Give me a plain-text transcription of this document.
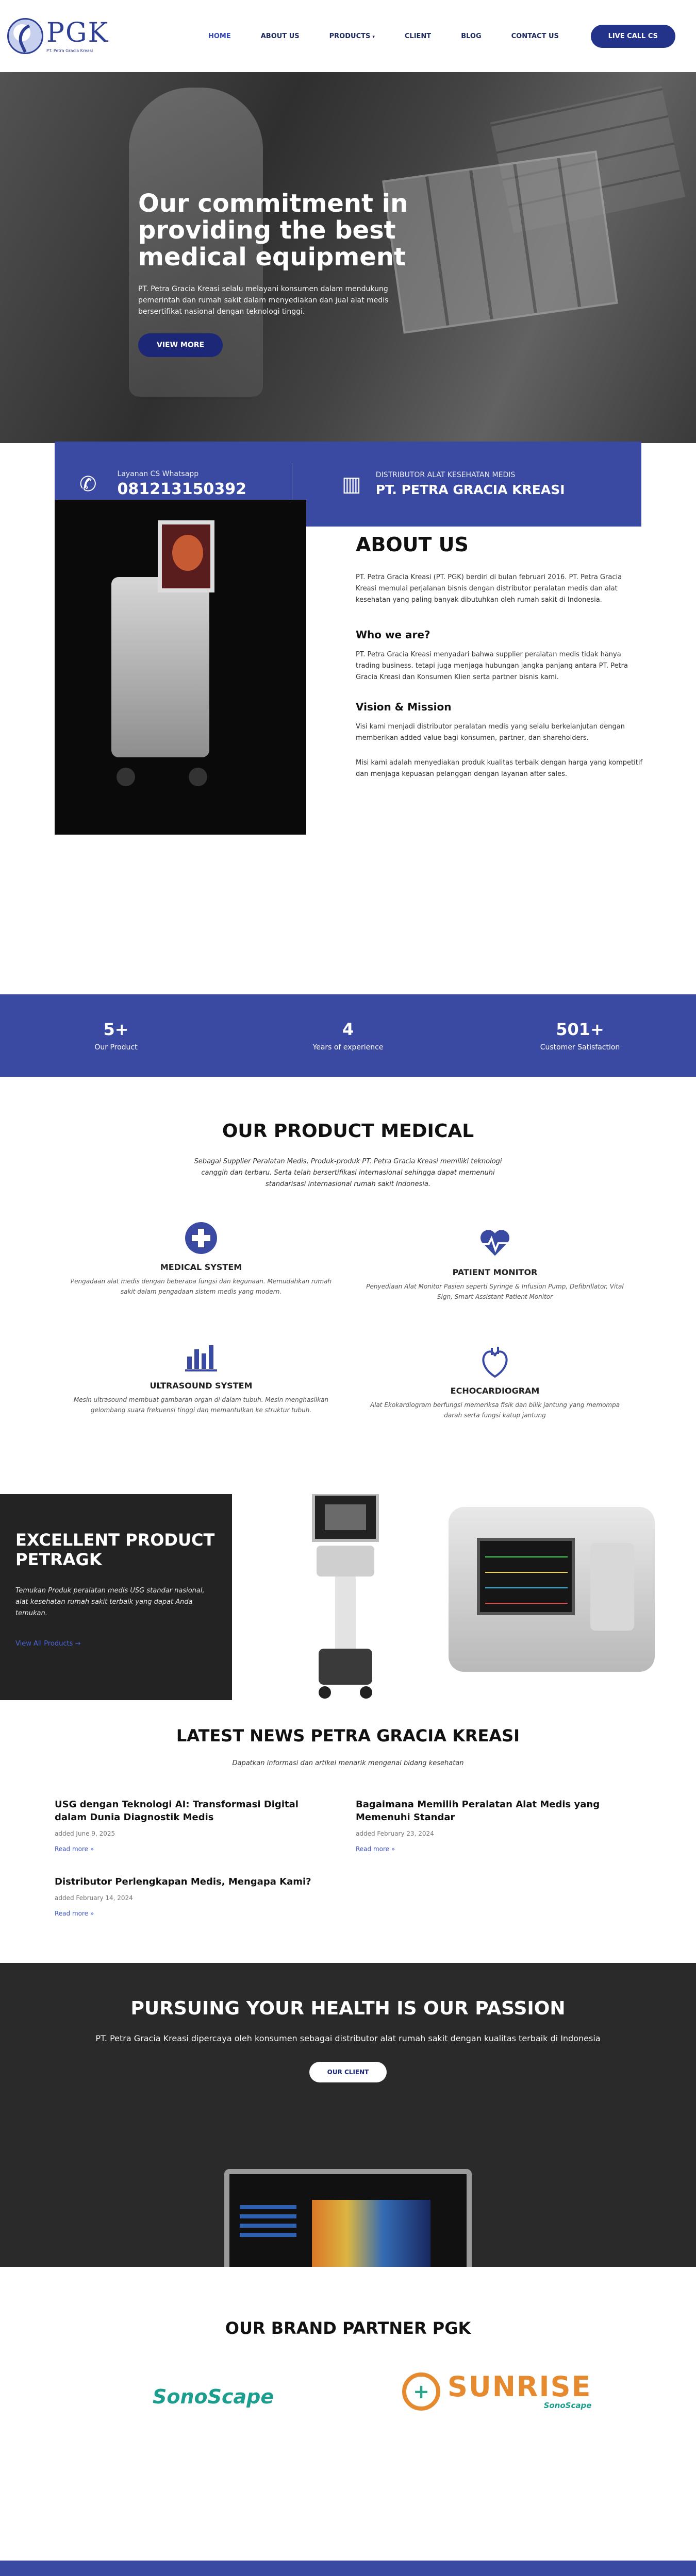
PGK
PT. Petra Gracia Kreasi
HOME	ABOUT US	PRODUCTS ▾	CLIENT	BLOG	CONTACT US	LIVE CALL CS
Our commitment in providing the best medical equipment

PT. Petra Gracia Kreasi selalu melayani konsumen dalam mendukung pemerintah dan rumah sakit dalam menyediakan dan jual alat medis bersertifikat nasional dengan teknologi tinggi.

VIEW MORE
✆	Layanan CS Whatsapp
081213150392	▥ DISTRIBUTOR ALAT KESEHATAN MEDIS
PT. PETRA GRACIA KREASI
ABOUT US

PT. Petra Gracia Kreasi (PT. PGK) berdiri di bulan februari 2016. PT. Petra Gracia Kreasi memulai perjalanan bisnis dengan distributor peralatan medis dan alat kesehatan yang paling banyak dibutuhkan oleh rumah sakit di Indonesia.

Who we are?

PT. Petra Gracia Kreasi menyadari bahwa supplier peralatan medis tidak hanya trading business. tetapi juga menjaga hubungan jangka panjang antara PT. Petra Gracia Kreasi dan Konsumen Klien serta partner bisnis kami.

Vision & Mission

Visi kami menjadi distributor peralatan medis yang selalu berkelanjutan dengan memberikan added value bagi konsumen, partner, dan shareholders.

Misi kami adalah menyediakan produk kualitas terbaik dengan harga yang kompetitif dan menjaga kepuasan pelanggan dengan layanan after sales.

5+
Our Product
4
Years of experience
501+
Customer Satisfaction
OUR PRODUCT MEDICAL

Sebagai Supplier Peralatan Medis, Produk-produk PT. Petra Gracia Kreasi memiliki teknologi canggih dan terbaru. Serta telah bersertifikasi internasional sehingga dapat memenuhi standarisasi internasional rumah sakit Indonesia.

MEDICAL SYSTEM
Pengadaan alat medis dengan beberapa fungsi dan kegunaan. Memudahkan rumah sakit dalam pengadaan sistem medis yang modern.
PATIENT MONITOR
Penyediaan Alat Monitor Pasien seperti Syringe & Infusion Pump, Defibrillator, Vital Sign, Smart Assistant Patient Monitor
ULTRASOUND SYSTEM
Mesin ultrasound membuat gambaran organ di dalam tubuh. Mesin menghasilkan gelombang suara frekuensi tinggi dan memantulkan ke struktur tubuh.
ECHOCARDIOGRAM
Alat Ekokardiogram berfungsi memeriksa fisik dan bilik jantung yang memompa darah serta fungsi katup jantung
EXCELLENT PRODUCT PETRAGK

Temukan Produk peralatan medis USG standar nasional, alat kesehatan rumah sakit terbaik yang dapat Anda temukan.

View All Products →
LATEST NEWS PETRA GRACIA KREASI

Dapatkan informasi dan artikel menarik mengenai bidang kesehatan

USG dengan Teknologi AI: Transformasi Digital dalam Dunia Diagnostik Medis
added June 9, 2025
Read more »
Bagaimana Memilih Peralatan Alat Medis yang Memenuhi Standar
added February 23, 2024
Read more »
Distributor Perlengkapan Medis, Mengapa Kami?
added February 14, 2024
Read more »
PURSUING YOUR HEALTH IS OUR PASSION

PT. Petra Gracia Kreasi dipercaya oleh konsumen sebagai distributor alat rumah sakit dengan kualitas terbaik di Indonesia

OUR CLIENT
OUR BRAND PARTNER PGK
SonoScape	+ SUNRISE
SonoScape
